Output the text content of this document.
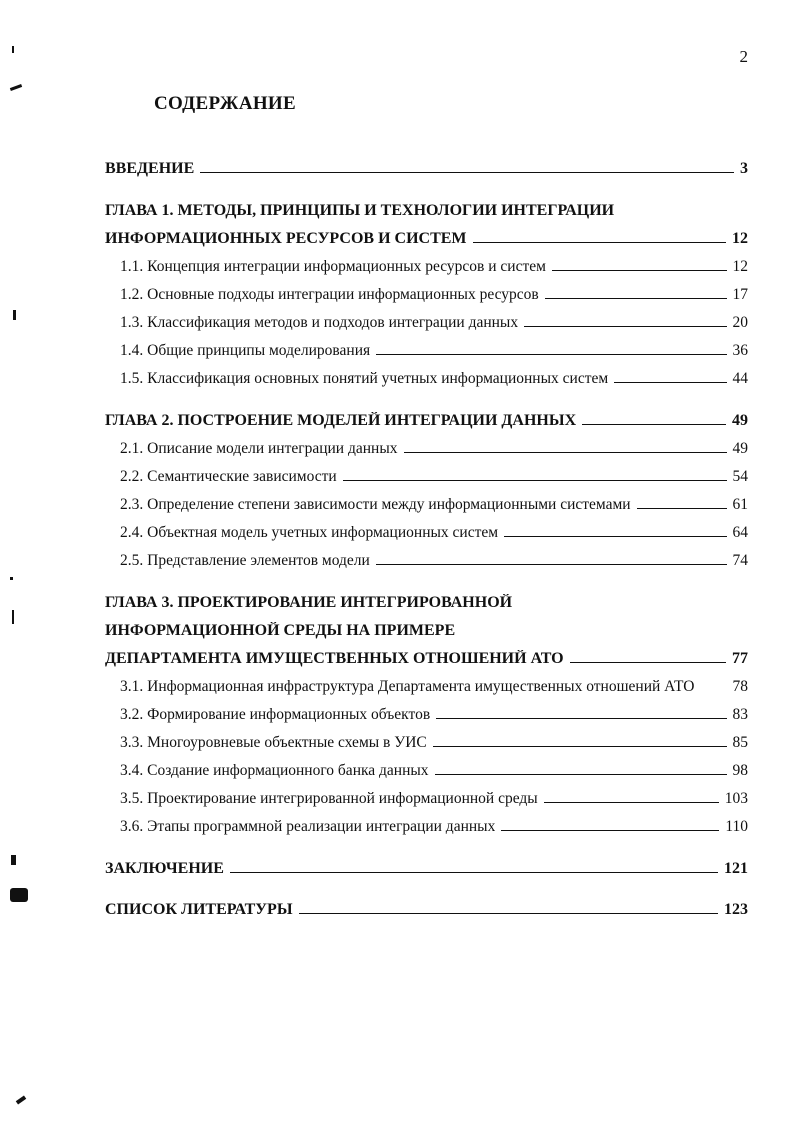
2
СОДЕРЖАНИЕ
ВВЕДЕНИЕ	3
ГЛАВА 1. МЕТОДЫ, ПРИНЦИПЫ И ТЕХНОЛОГИИ ИНТЕГРАЦИИ
ИНФОРМАЦИОННЫХ РЕСУРСОВ И СИСТЕМ	12
1.1. Концепция интеграции информационных ресурсов и систем	12
1.2. Основные подходы интеграции информационных ресурсов	17
1.3. Классификация методов и подходов интеграции данных	20
1.4. Общие принципы моделирования	36
1.5. Классификация основных понятий учетных информационных систем	44
ГЛАВА 2. ПОСТРОЕНИЕ МОДЕЛЕЙ ИНТЕГРАЦИИ ДАННЫХ	49
2.1. Описание модели интеграции данных	49
2.2. Семантические зависимости	54
2.3. Определение степени зависимости между информационными системами	61
2.4. Объектная модель учетных информационных систем	64
2.5. Представление элементов модели	74
ГЛАВА 3. ПРОЕКТИРОВАНИЕ ИНТЕГРИРОВАННОЙ
ИНФОРМАЦИОННОЙ СРЕДЫ НА ПРИМЕРЕ
ДЕПАРТАМЕНТА ИМУЩЕСТВЕННЫХ ОТНОШЕНИЙ АТО	77
3.1. Информационная инфраструктура Департамента имущественных отношений АТО 78
3.2. Формирование информационных объектов	83
3.3. Многоуровневые объектные схемы в УИС	85
3.4. Создание информационного банка данных	98
3.5. Проектирование интегрированной информационной среды	103
3.6. Этапы программной реализации интеграции данных	110
ЗАКЛЮЧЕНИЕ	121
СПИСОК ЛИТЕРАТУРЫ	123
